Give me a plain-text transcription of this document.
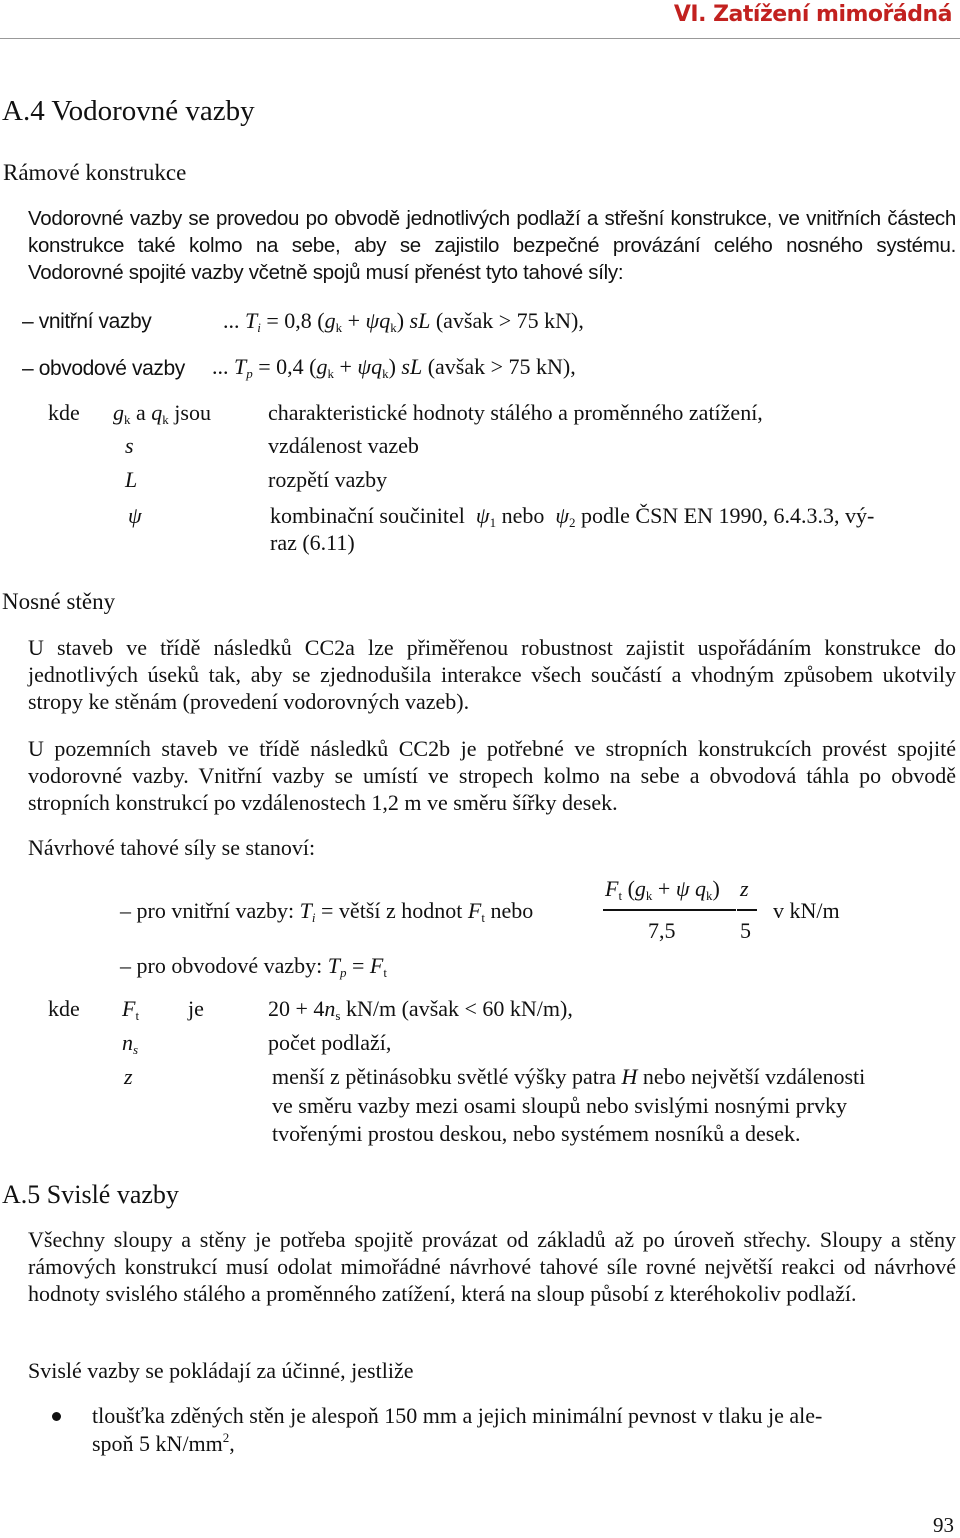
VI. Zatížení mimořádná
A.4 Vodorovné vazby
Rámové konstrukce
Vodorovné vazby se provedou po obvodě jednotlivých podlaží a střešní konstrukce, ve vnitřních částech konstrukce také kolmo na sebe, aby se zajistilo bezpečné provázání celého nosného systému. Vodorovné spojité vazby včetně spojů musí přenést tyto tahové síly:
– vnitřní vazby	... $T_i = 0,8$ $(g_k + \psi q_k)$ sL (avšak > 75 kN),
– obvodové vazby ... $T_p = 0,4$ $(g_k + \psi q_k)$ sL (avšak > 75 kN),
kde $g_k$ a $q_k$ jsou	charakteristické hodnoty stálého a proměnného zatížení,
s	vzdálenost vazeb
L	rozpětí vazby
ψ	kombinační součinitel $\psi_1$ nebo $\psi_2$ podle ČSN EN 1990, 6.4.3.3, vý-
raz (6.11)
Nosné stěny
U staveb ve třídě následků CC2a lze přiměřenou robustnost zajistit uspořádáním konstrukce do jednotlivých úseků tak, aby se zjednodušila interakce všech součástí a vhodným způsobem ukotvily stropy ke stěnám (provedení vodorovných vazeb).
U pozemních staveb ve třídě následků CC2b je potřebné ve stropních konstrukcích provést spojité vodorovné vazby. Vnitřní vazby se umístí ve stropech kolmo na sebe a obvodová táhla po obvodě stropních konstrukcí po vzdálenostech 1,2 m ve směru šířky desek.
Návrhové tahové síly se stanoví:
– pro vnitřní vazby: $T_i$ = větší z hodnot $F_t$ nebo
$F_t$ ($g_k + \psi$ $q_k$)
7,5
z
5
v kN/m
– pro obvodové vazby: $T_p = F_t$
kde $F_t$ je	$20 + 4n_s$ kN/m (avšak < 60 kN/m),
$n_s$	počet podlaží,
z	menší z pětinásobku světlé výšky patra H nebo největší vzdálenosti
ve směru vazby mezi osami sloupů nebo svislými nosnými prvky
tvořenými prostou deskou, nebo systémem nosníků a desek.
A.5 Svislé vazby
Všechny sloupy a stěny je potřeba spojitě provázat od základů až po úroveň střechy. Sloupy a stěny rámových konstrukcí musí odolat mimořádné návrhové tahové síle rovné největší reakci od návrhové hodnoty svislého stálého a proměnného zatížení, která na sloup působí z kteréhokoliv podlaží.
Svislé vazby se pokládají za účinné, jestliže
tloušťka zděných stěn je alespoň 150 mm a jejich minimální pevnost v tlaku je ale-
spoň 5 $kN/mm^2$,
93
